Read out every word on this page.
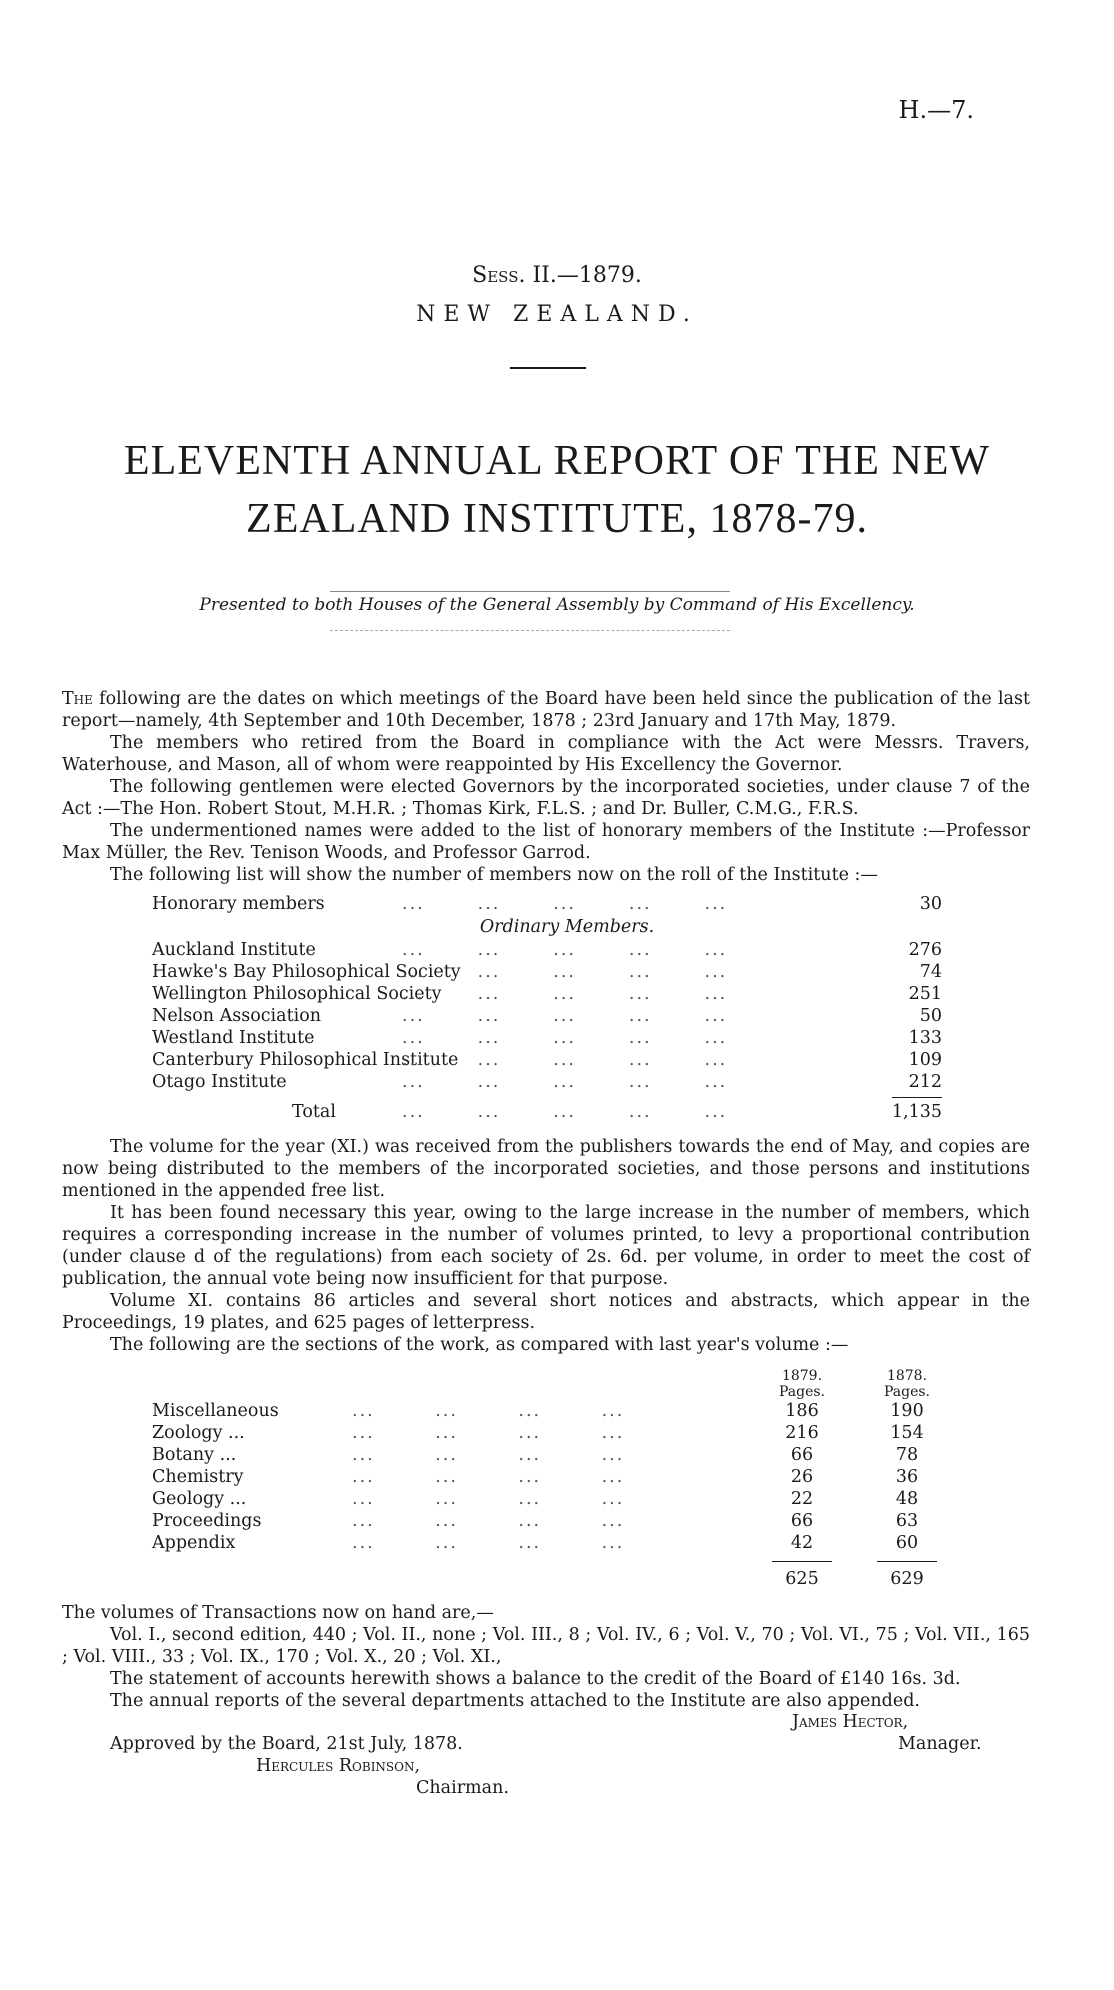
H.—7.
Sess. II.—1879.
NEW ZEALAND.
ELEVENTH ANNUAL REPORT OF THE NEW
ZEALAND INSTITUTE, 1878-79.
Presented to both Houses of the General Assembly by Command of His Excellency.

The following are the dates on which meetings of the Board have been held since the publication of the last report—namely, 4th September and 10th December, 1878 ; 23rd January and 17th May, 1879.

The members who retired from the Board in compliance with the Act were Messrs. Travers, Waterhouse, and Mason, all of whom were reappointed by His Excellency the Governor.

The following gentlemen were elected Governors by the incorporated societies, under clause 7 of the Act :—The Hon. Robert Stout, M.H.R. ; Thomas Kirk, F.L.S. ; and Dr. Buller, C.M.G., F.R.S.

The undermentioned names were added to the list of honorary members of the Institute :—Professor Max Müller, the Rev. Tenison Woods, and Professor Garrod.

The following list will show the number of members now on the roll of the Institute :—

Honorary members	...       ...       ...       ...       ...	30
Ordinary Members.
Auckland Institute	...       ...       ...       ...       ...	276
Hawke's Bay Philosophical Society
...       ...       ...       ...       ...	74
Wellington Philosophical Society
...       ...       ...       ...       ...	251
Nelson Association	...       ...       ...       ...       ...	50
Westland Institute	...       ...       ...       ...       ...	133
Canterbury Philosophical Institute
...       ...       ...       ...       ...	109
Otago Institute	...       ...       ...       ...       ...	212
Total	...       ...       ...       ...       ...	1,135

The volume for the year (XI.) was received from the publishers towards the end of May, and copies are now being distributed to the members of the incorporated societies, and those persons and institutions mentioned in the appended free list.

It has been found necessary this year, owing to the large increase in the number of members, which requires a corresponding increase in the number of volumes printed, to levy a proportional contribution (under clause d of the regulations) from each society of 2s. 6d. per volume, in order to meet the cost of publication, the annual vote being now insufficient for that purpose.

Volume XI. contains 86 articles and several short notices and abstracts, which appear in the Proceedings, 19 plates, and 625 pages of letterpress.

The following are the sections of the work, as compared with last year's volume :—

1879.	1878.
Pages.	Pages.
Miscellaneous	...        ...        ...        ...	186	190
Zoology ...	...        ...        ...        ...	216	154
Botany ...	...        ...        ...        ...	66	78
Chemistry	...        ...        ...        ...	26	36
Geology ...	...        ...        ...        ...	22	48
Proceedings	...        ...        ...        ...	66	63
Appendix	...        ...        ...        ...	42	60
625	629

The volumes of Transactions now on hand are,—

Vol. I., second edition, 440 ; Vol. II., none ; Vol. III., 8 ; Vol. IV., 6 ; Vol. V., 70 ; Vol. VI., 75 ; Vol. VII., 165 ; Vol. VIII., 33 ; Vol. IX., 170 ; Vol. X., 20 ; Vol. XI.,

The statement of accounts herewith shows a balance to the credit of the Board of £140 16s. 3d.

The annual reports of the several departments attached to the Institute are also appended.

James Hector,
Manager.
Approved by the Board, 21st July, 1878.
Hercules Robinson,
Chairman.
